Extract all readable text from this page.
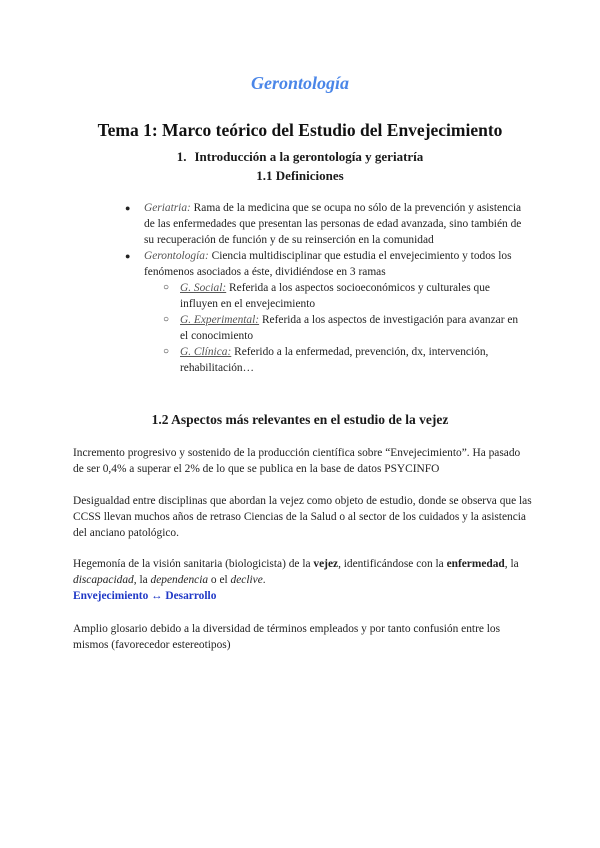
Gerontología
Tema 1: Marco teórico del Estudio del Envejecimiento
1. Introducción a la gerontología y geriatría
1.1 Definiciones

● Geriatria: Rama de la medicina que se ocupa no sólo de la prevención y asistencia de las enfermedades que presentan las personas de edad avanzada, sino también de su recuperación de función y de su reinserción en la comunidad

● Gerontología: Ciencia multidisciplinar que estudia el envejecimiento y todos los fenómenos asociados a éste, dividiéndose en 3 ramas

○ G. Social: Referida a los aspectos socioeconómicos y culturales que influyen en el envejecimiento

○ G. Experimental: Referida a los aspectos de investigación para avanzar en el conocimiento

○ G. Clínica: Referido a la enfermedad, prevención, dx, intervención, rehabilitación…

1.2 Aspectos más relevantes en el estudio de la vejez
Incremento progresivo y sostenido de la producción científica sobre “Envejecimiento”. Ha pasado de ser 0,4% a superar el 2% de lo que se publica en la base de datos PSYCINFO
Desigualdad entre disciplinas que abordan la vejez como objeto de estudio, donde se observa que las CCSS llevan muchos años de retraso Ciencias de la Salud o al sector de los cuidados y la asistencia del anciano patológico.
Hegemonía de la visión sanitaria (biologicista) de la vejez, identificándose con la enfermedad, la discapacidad, la dependencia o el declive.
Envejecimiento ↔ Desarrollo
Amplio glosario debido a la diversidad de términos empleados y por tanto confusión entre los mismos (favorecedor estereotipos)
